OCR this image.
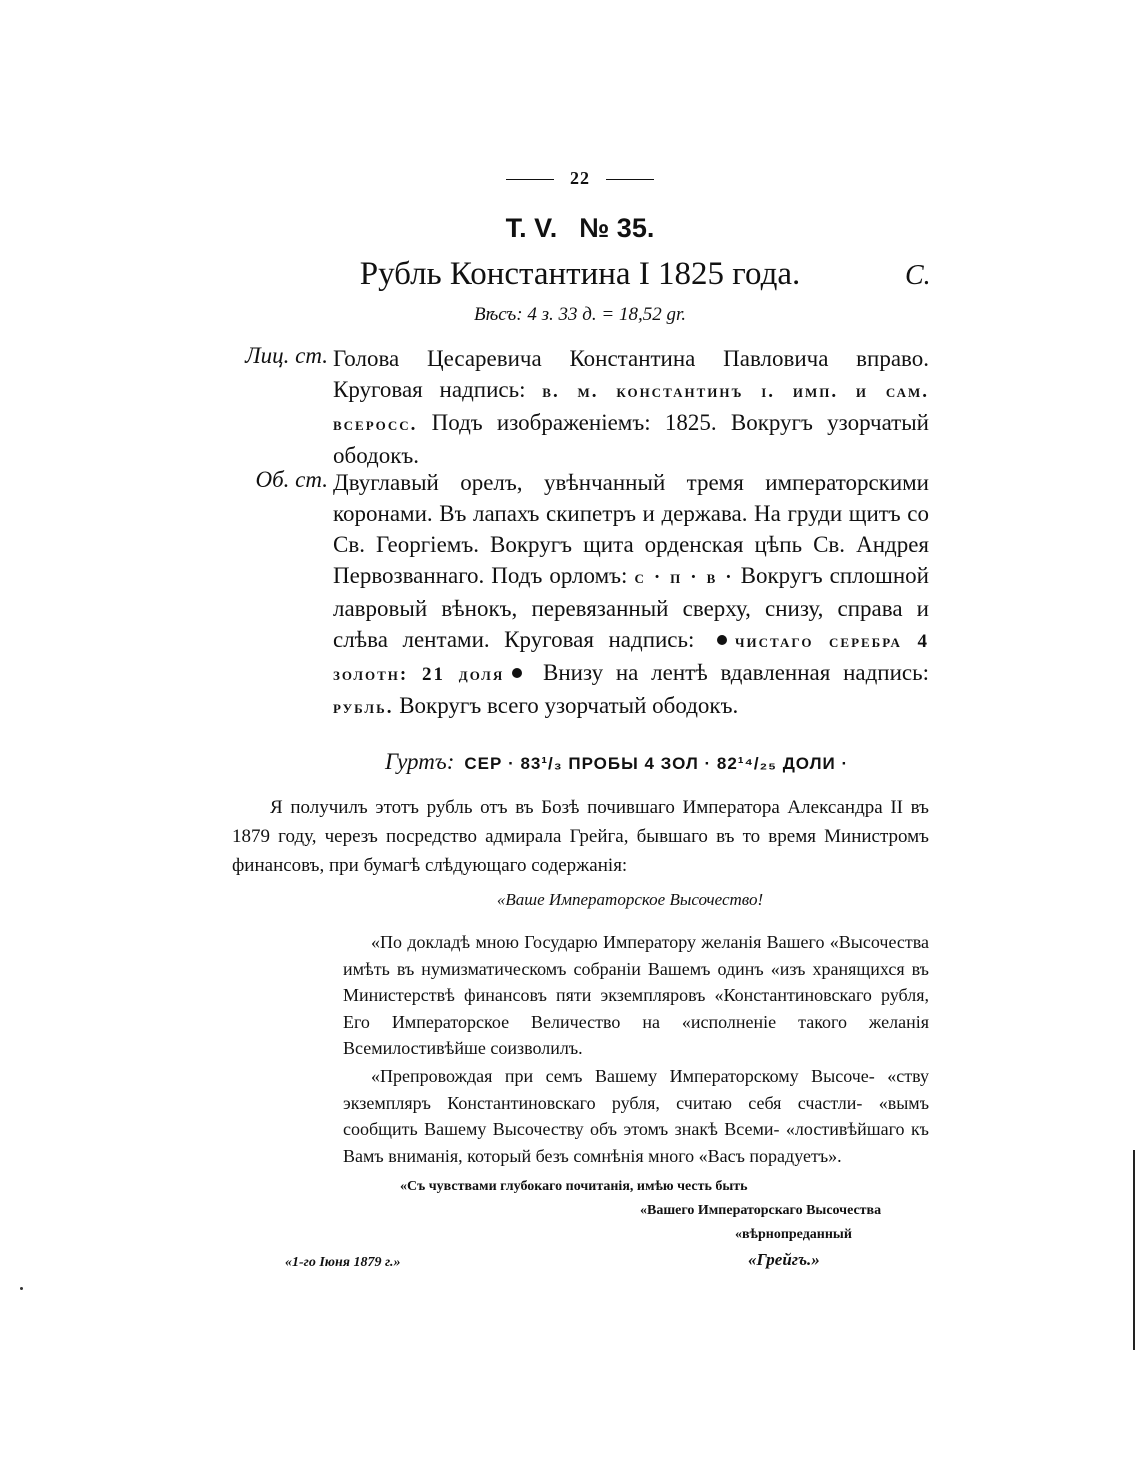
22
T. V. № 35.
Рубль Константина I 1825 года.	С.
Вѣсъ: 4 з. 33 д. = 18,52 gr.
Лиц. ст. Голова Цесаревича Константина Павловича вправо. Круговая надпись: в. м. константинъ і. имп. и сам. всеросс. Подъ изображеніемъ: 1825. Вокругъ узорчатый ободокъ.
Об. ст. Двуглавый орелъ, увѣнчанный тремя императорскими коронами. Въ лапахъ скипетръ и держава. На груди щитъ со Св. Георгіемъ. Вокругъ щита орденская цѣпь Св. Андрея Первозваннаго. Подъ орломъ: с · п · в · Вокругъ сплошной лавровый вѣнокъ, перевязанный сверху, снизу, справа и слѣва лентами. Круговая надпись: чистаго серебра 4 золотн: 21 доля Внизу на лентѣ вдавленная надпись: рубль. Вокругъ всего узорчатый ободокъ.
Гуртъ: СЕР · 83¹/₃ ПРОБЫ 4 ЗОЛ · 82¹⁴/₂₅ ДОЛИ ·
Я получилъ этотъ рубль отъ въ Бозѣ почившаго Императора Александра II въ 1879 году, черезъ посредство адмирала Грейга, бывшаго въ то время Министромъ финансовъ, при бумагѣ слѣдующаго содержанія:
«Ваше Императорское Высочество!
«По докладѣ мною Государю Императору желанія Вашего «Высочества имѣть въ нумизматическомъ собраніи Вашемъ одинъ «изъ хранящихся въ Министерствѣ финансовъ пяти экземпляровъ «Константиновскаго рубля, Его Императорское Величество на «исполненіе такого желанія Всемилостивѣйше соизволилъ.
«Препровождая при семъ Вашему Императорскому Высоче- «ству экземпляръ Константиновскаго рубля, считаю себя счастли- «вымъ сообщить Вашему Высочеству объ этомъ знакѣ Всеми- «лостивѣйшаго къ Вамъ вниманія, который безъ сомнѣнія много «Васъ порадуетъ».
«Съ чувствами глубокаго почитанія, имѣю честь быть
«Вашего Императорскаго Высочества
«вѣрнопреданный
«Грейгъ.»
«1-го Іюня 1879 г.»
